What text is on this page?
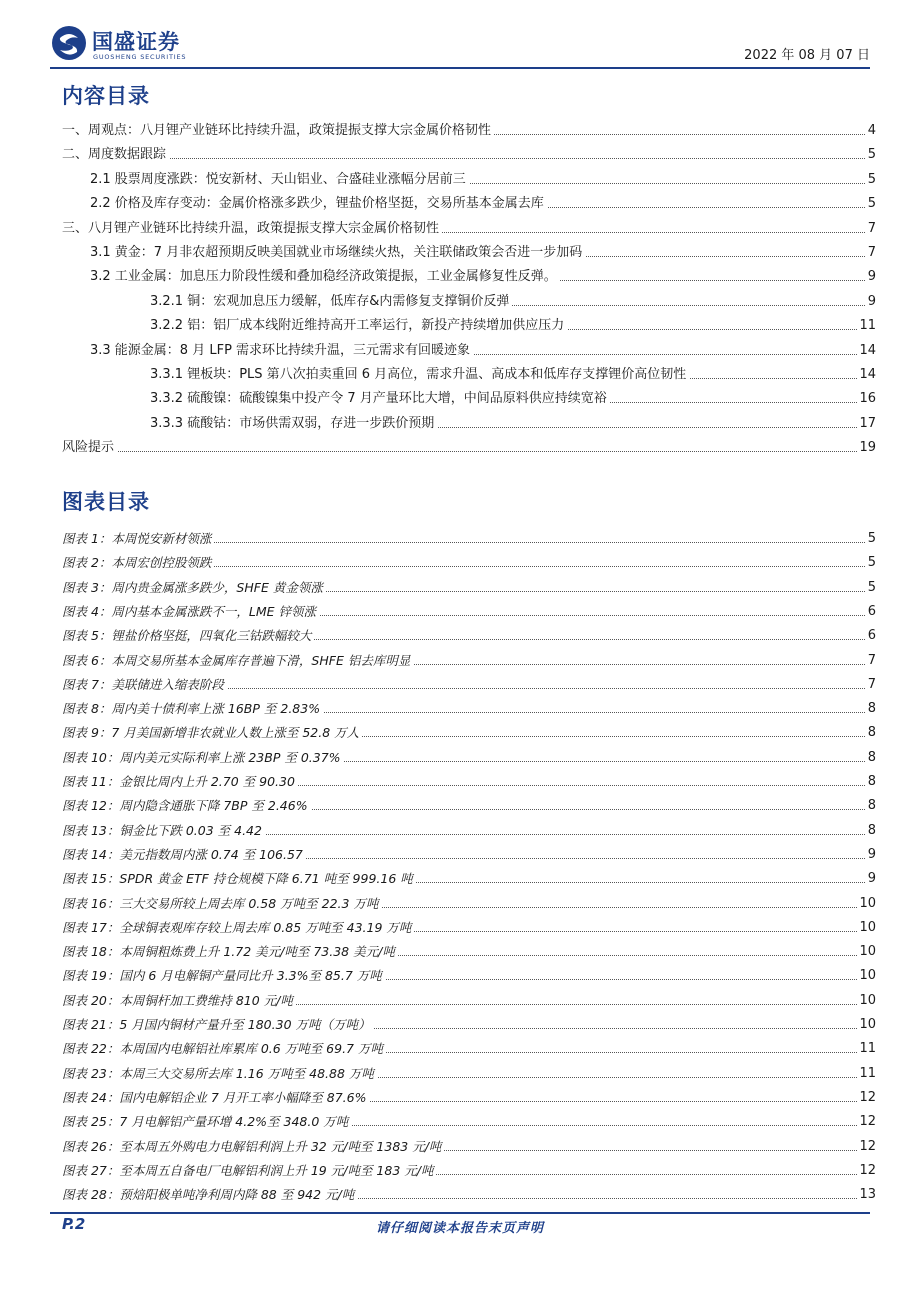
国盛证券
GUOSHENG SECURITIES	2022 年 08 月 07 日
内容目录
一、周观点：八月锂产业链环比持续升温，政策提振支撑大宗金属价格韧性	4
二、周度数据跟踪	5
2.1 股票周度涨跌：悦安新材、天山铝业、合盛硅业涨幅分居前三	5
2.2 价格及库存变动：金属价格涨多跌少，锂盐价格坚挺，交易所基本金属去库	5
三、八月锂产业链环比持续升温，政策提振支撑大宗金属价格韧性	7
3.1 黄金：7 月非农超预期反映美国就业市场继续火热，关注联储政策会否进一步加码	7
3.2 工业金属：加息压力阶段性缓和叠加稳经济政策提振，工业金属修复性反弹。	9
3.2.1 铜：宏观加息压力缓解，低库存&内需修复支撑铜价反弹	9
3.2.2 铝：铝厂成本线附近维持高开工率运行，新投产持续增加供应压力	11
3.3 能源金属：8 月 LFP 需求环比持续升温，三元需求有回暖迹象	14
3.3.1 锂板块：PLS 第八次拍卖重回 6 月高位，需求升温、高成本和低库存支撑锂价高位韧性	14
3.3.2 硫酸镍：硫酸镍集中投产令 7 月产量环比大增，中间品原料供应持续宽裕	16
3.3.3 硫酸钴：市场供需双弱，存进一步跌价预期	17
风险提示	19
图表目录
图表 1：本周悦安新材领涨	5
图表 2：本周宏创控股领跌	5
图表 3：周内贵金属涨多跌少，SHFE 黄金领涨	5
图表 4：周内基本金属涨跌不一，LME 锌领涨	6
图表 5：锂盐价格坚挺，四氧化三钴跌幅较大	6
图表 6：本周交易所基本金属库存普遍下滑，SHFE 铝去库明显	7
图表 7：美联储进入缩表阶段	7
图表 8：周内美十债利率上涨 16BP 至 2.83%	8
图表 9：7 月美国新增非农就业人数上涨至 52.8 万人	8
图表 10：周内美元实际利率上涨 23BP 至 0.37%	8
图表 11：金银比周内上升 2.70 至 90.30	8
图表 12：周内隐含通胀下降 7BP 至 2.46%	8
图表 13：铜金比下跌 0.03 至 4.42	8
图表 14：美元指数周内涨 0.74 至 106.57	9
图表 15：SPDR 黄金 ETF 持仓规模下降 6.71 吨至 999.16 吨	9
图表 16：三大交易所较上周去库 0.58 万吨至 22.3 万吨	10
图表 17：全球铜表观库存较上周去库 0.85 万吨至 43.19 万吨	10
图表 18：本周铜粗炼费上升 1.72 美元/吨至 73.38 美元/吨	10
图表 19：国内 6 月电解铜产量同比升 3.3%至 85.7 万吨	10
图表 20：本周铜杆加工费维持 810 元/吨	10
图表 21：5 月国内铜材产量升至 180.30 万吨（万吨）	10
图表 22：本周国内电解铝社库累库 0.6 万吨至 69.7 万吨	11
图表 23：本周三大交易所去库 1.16 万吨至 48.88 万吨	11
图表 24：国内电解铝企业 7 月开工率小幅降至 87.6%	12
图表 25：7 月电解铝产量环增 4.2%至 348.0 万吨	12
图表 26：至本周五外购电力电解铝利润上升 32 元/吨至 1383 元/吨	12
图表 27：至本周五自备电厂电解铝利润上升 19 元/吨至 183 元/吨	12
图表 28：预焙阳极单吨净利周内降 88 至 942 元/吨	13
P.2	请仔细阅读本报告末页声明
